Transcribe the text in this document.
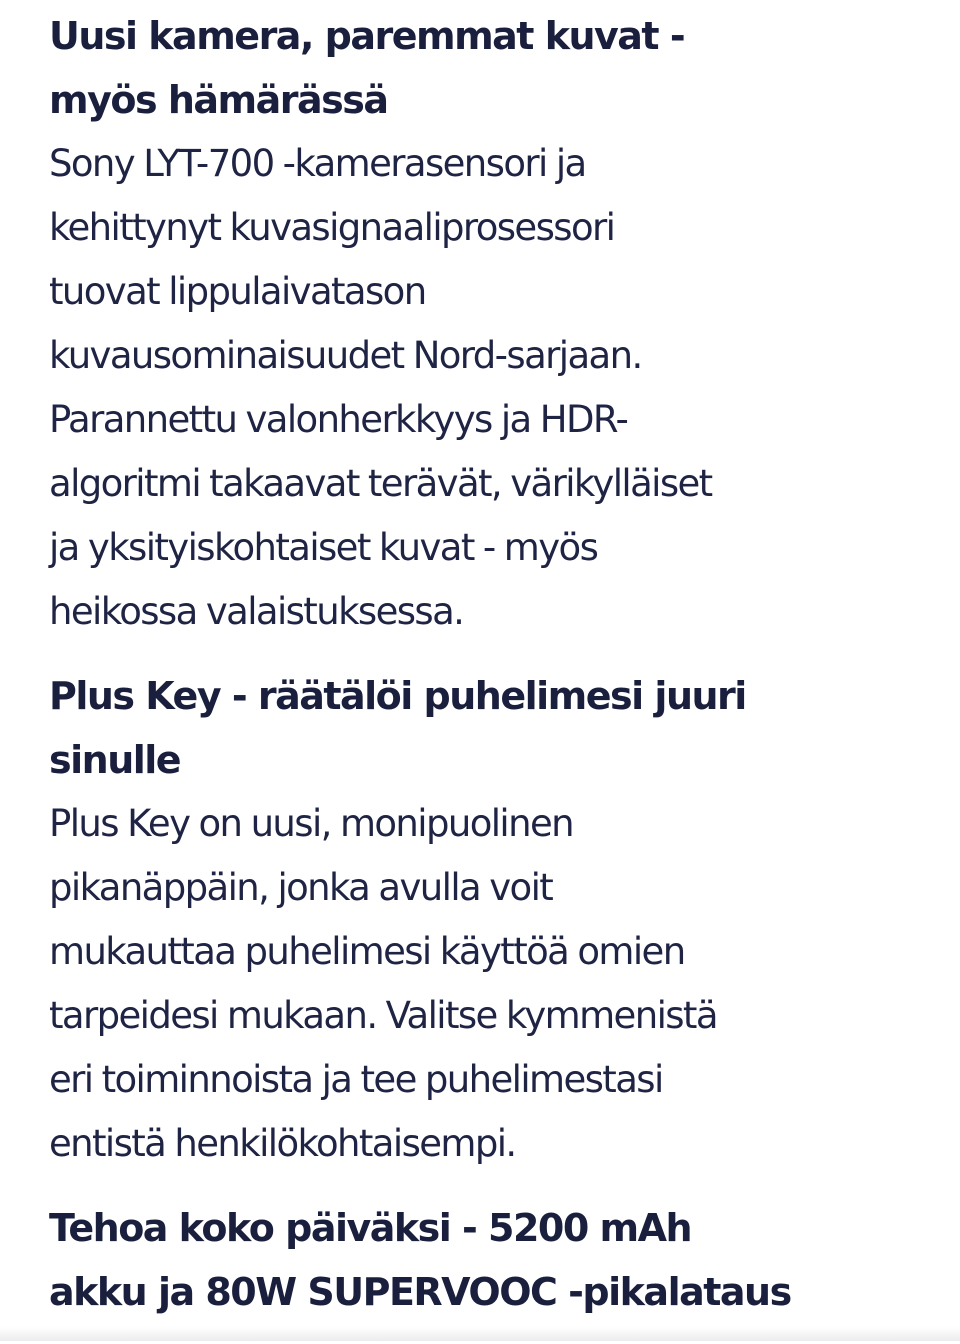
Uusi kamera, paremmat kuvat -
myös hämärässä

Sony LYT-700 -kamerasensori ja
kehittynyt kuvasignaaliprosessori
tuovat lippulaivatason
kuvausominaisuudet Nord-sarjaan.
Parannettu valonherkkyys ja HDR-
algoritmi takaavat terävät, värikylläiset
ja yksityiskohtaiset kuvat - myös
heikossa valaistuksessa.

Plus Key - räätälöi puhelimesi juuri
sinulle

Plus Key on uusi, monipuolinen
pikanäppäin, jonka avulla voit
mukauttaa puhelimesi käyttöä omien
tarpeidesi mukaan. Valitse kymmenistä
eri toiminnoista ja tee puhelimestasi
entistä henkilökohtaisempi.

Tehoa koko päiväksi - 5200 mAh
akku ja 80W SUPERVOOC -pikalataus
